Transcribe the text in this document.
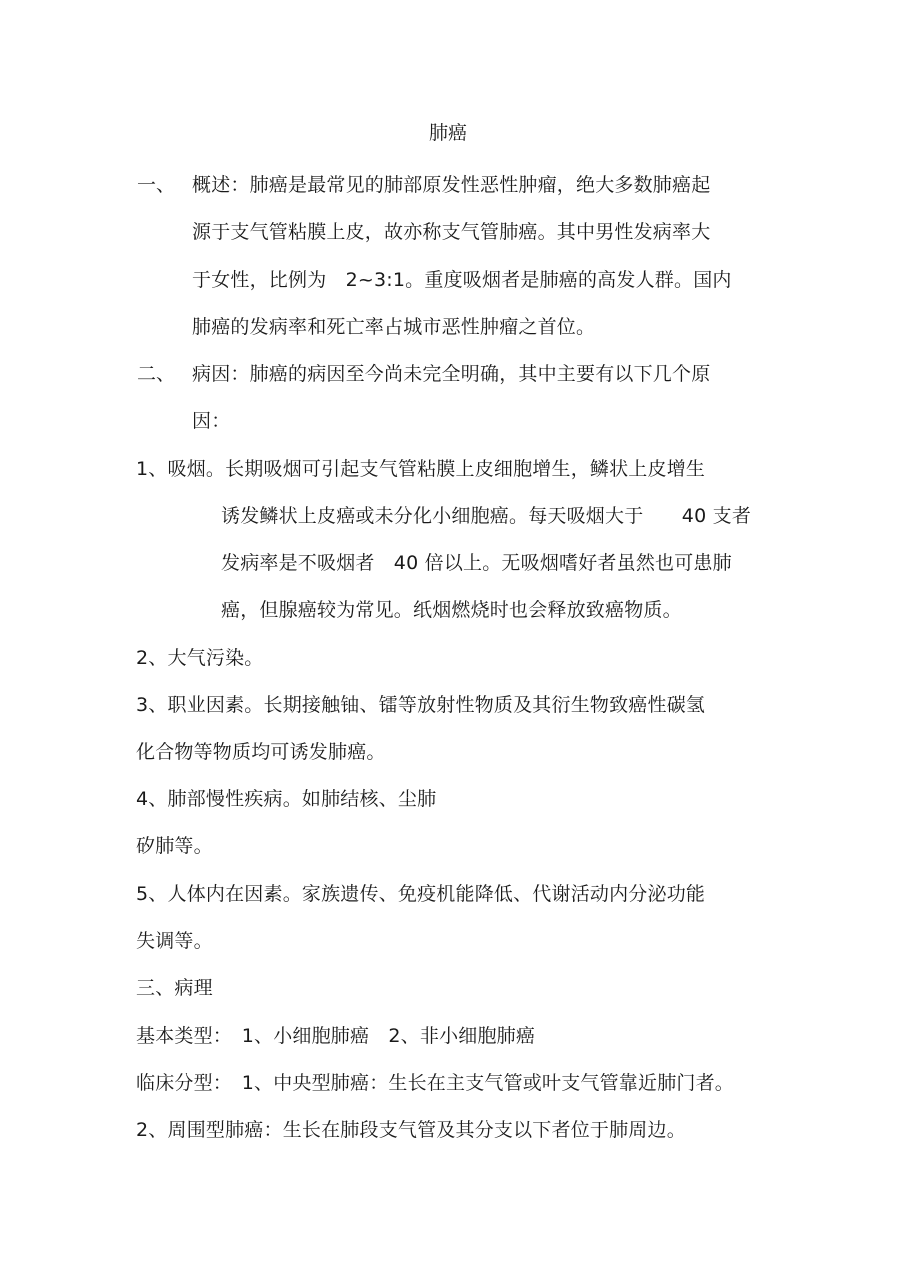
肺癌
一、 概述：肺癌是最常见的肺部原发性恶性肿瘤，绝大多数肺癌起
源于支气管粘膜上皮，故亦称支气管肺癌。其中男性发病率大
于女性，比例为　2~3:1。重度吸烟者是肺癌的高发人群。国内
肺癌的发病率和死亡率占城市恶性肿瘤之首位。
二、 病因：肺癌的病因至今尚未完全明确，其中主要有以下几个原
因：
1、吸烟。长期吸烟可引起支气管粘膜上皮细胞增生，鳞状上皮增生
诱发鳞状上皮癌或未分化小细胞癌。每天吸烟大于　　40 支者
发病率是不吸烟者　40 倍以上。无吸烟嗜好者虽然也可患肺
癌，但腺癌较为常见。纸烟燃烧时也会释放致癌物质。
2、大气污染。
3、职业因素。长期接触铀、镭等放射性物质及其衍生物致癌性碳氢
化合物等物质均可诱发肺癌。
4、肺部慢性疾病。如肺结核、尘肺
矽肺等。
5、人体内在因素。家族遗传、免疫机能降低、代谢活动内分泌功能
失调等。
三、病理
基本类型：　1、小细胞肺癌　2、非小细胞肺癌
临床分型：　1、中央型肺癌：生长在主支气管或叶支气管靠近肺门者。
2、周围型肺癌：生长在肺段支气管及其分支以下者位于肺周边。
